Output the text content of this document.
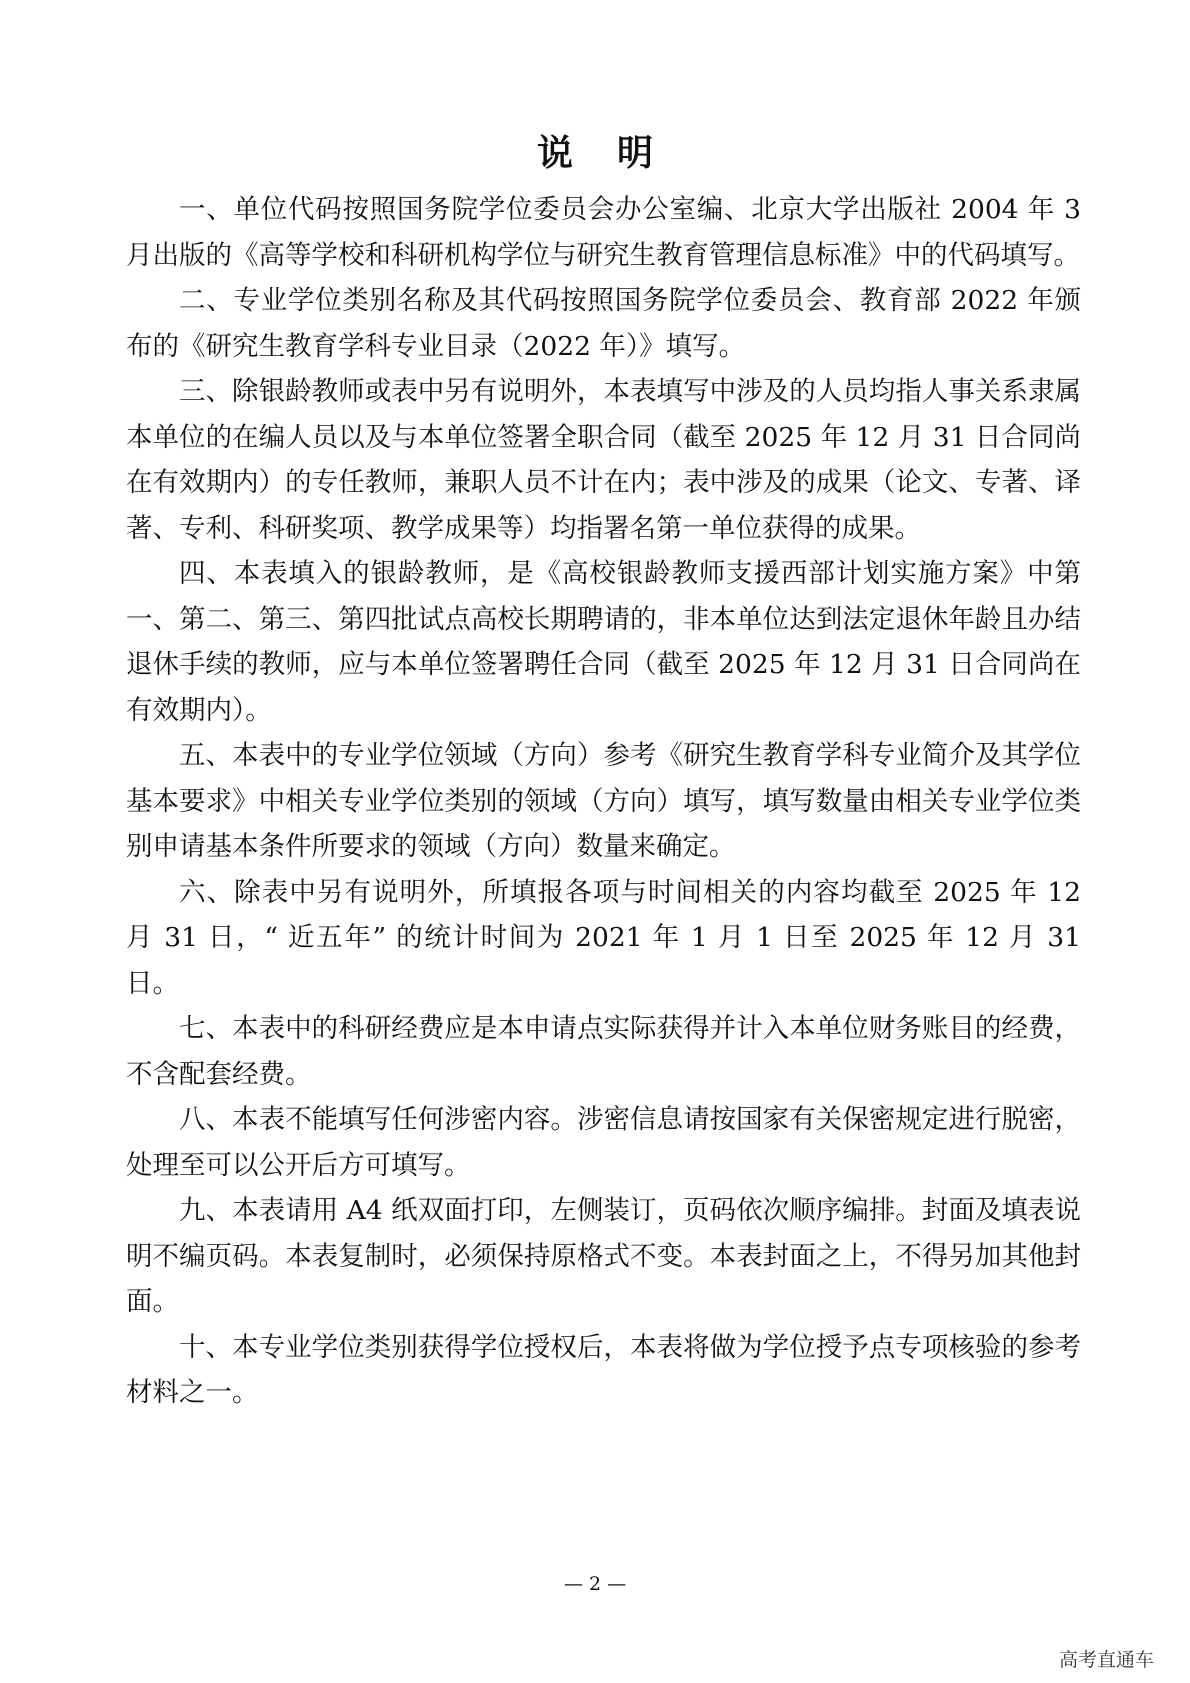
说明

一、单位代码按照国务院学位委员会办公室编、北京大学出版社 2004 年 3 月出版的《高等学校和科研机构学位与研究生教育管理信息标准》中的代码填写。

二、专业学位类别名称及其代码按照国务院学位委员会、教育部 2022 年颁布的《研究生教育学科专业目录（2022 年）》填写。

三、除银龄教师或表中另有说明外，本表填写中涉及的人员均指人事关系隶属本单位的在编人员以及与本单位签署全职合同（截至 2025 年 12 月 31 日合同尚在有效期内）的专任教师，兼职人员不计在内；表中涉及的成果（论文、专著、译著、专利、科研奖项、教学成果等）均指署名第一单位获得的成果。

四、本表填入的银龄教师，是《高校银龄教师支援西部计划实施方案》中第一、第二、第三、第四批试点高校长期聘请的，非本单位达到法定退休年龄且办结退休手续的教师，应与本单位签署聘任合同（截至 2025 年 12 月 31 日合同尚在有效期内）。

五、本表中的专业学位领域（方向）参考《研究生教育学科专业简介及其学位基本要求》中相关专业学位类别的领域（方向）填写，填写数量由相关专业学位类别申请基本条件所要求的领域（方向）数量来确定。

六、除表中另有说明外，所填报各项与时间相关的内容均截至 2025 年 12 月 31 日，“ 近五年” 的统计时间为 2021 年 1 月 1 日至 2025 年 12 月 31 日。

七、本表中的科研经费应是本申请点实际获得并计入本单位财务账目的经费，不含配套经费。

八、本表不能填写任何涉密内容。涉密信息请按国家有关保密规定进行脱密，处理至可以公开后方可填写。

九、本表请用 A4 纸双面打印，左侧装订，页码依次顺序编排。封面及填表说明不编页码。本表复制时，必须保持原格式不变。本表封面之上，不得另加其他封面。

十、本专业学位类别获得学位授权后，本表将做为学位授予点专项核验的参考材料之一。

— 2 —
高考直通车
